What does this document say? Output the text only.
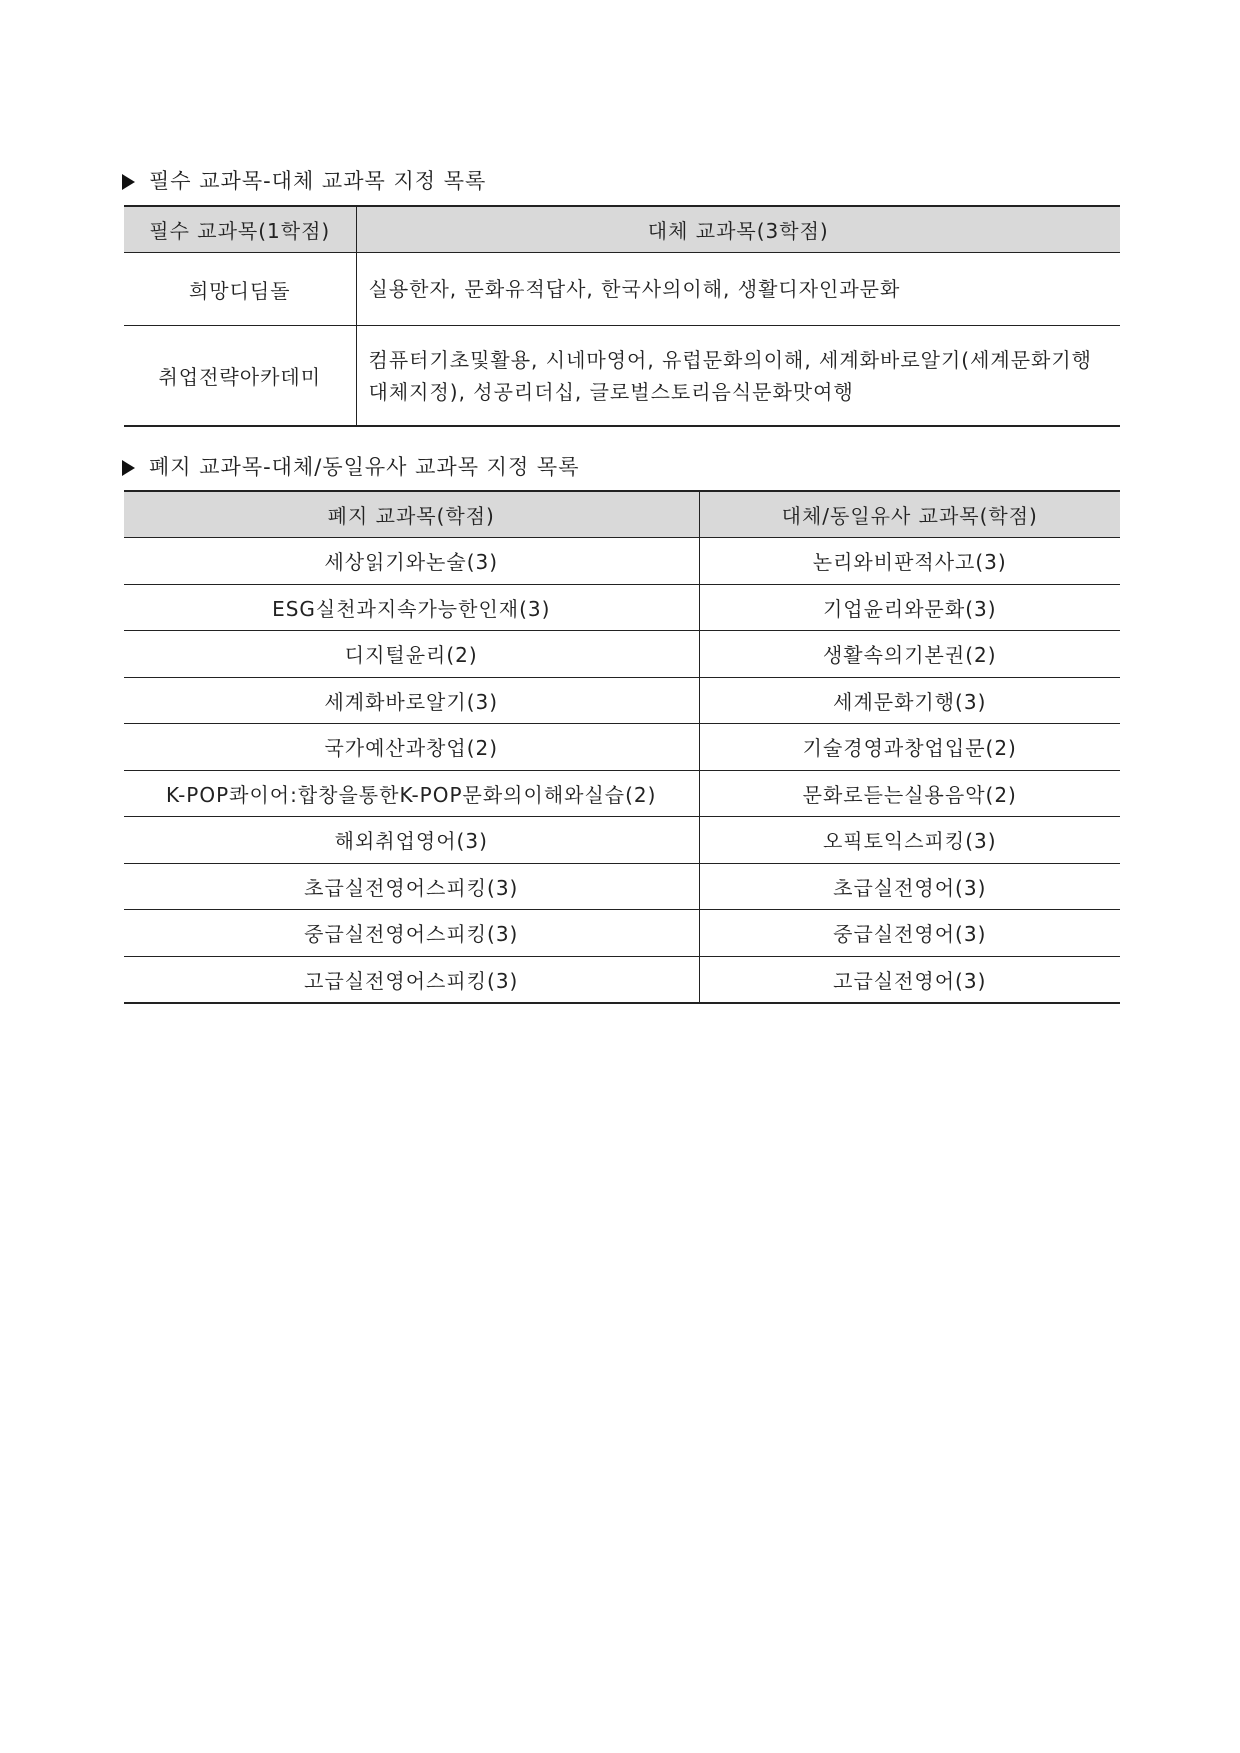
필수 교과목-대체 교과목 지정 목록
필수 교과목(1학점)	대체 교과목(3학점)
희망디딤돌	실용한자, 문화유적답사, 한국사의이해, 생활디자인과문화
취업전략아카데미	컴퓨터기초및활용, 시네마영어, 유럽문화의이해, 세계화바로알기(세계문화기행
대체지정), 성공리더십, 글로벌스토리음식문화맛여행
폐지 교과목-대체/동일유사 교과목 지정 목록
폐지 교과목(학점)	대체/동일유사 교과목(학점)
세상읽기와논술(3)	논리와비판적사고(3)
ESG실천과지속가능한인재(3)	기업윤리와문화(3)
디지털윤리(2)	생활속의기본권(2)
세계화바로알기(3)	세계문화기행(3)
국가예산과창업(2)	기술경영과창업입문(2)
K-POP콰이어:합창을통한K-POP문화의이해와실습(2)	문화로듣는실용음악(2)
해외취업영어(3)	오픽토익스피킹(3)
초급실전영어스피킹(3)	초급실전영어(3)
중급실전영어스피킹(3)	중급실전영어(3)
고급실전영어스피킹(3)	고급실전영어(3)
